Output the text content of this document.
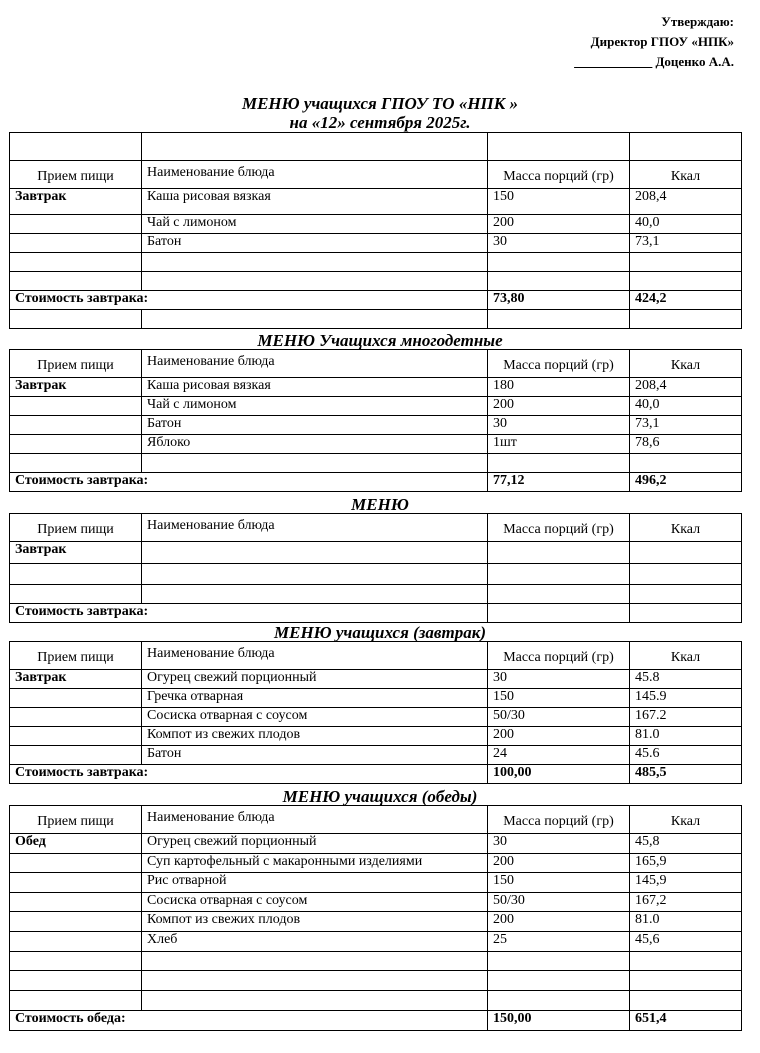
Утверждаю:
Директор ГПОУ «НПК»
____________ Доценко А.А.
МЕНЮ учащихся ГПОУ ТО «НПК »
на «12» сентября 2025г.

Прием пищи	Наименование блюда	Масса порций (гр)	Ккал
Завтрак	Каша рисовая вязкая	150	208,4
	Чай с лимоном	200	40,0
	Батон	30	73,1

Стоимость завтрака:		73,80	424,2

МЕНЮ Учащихся многодетные
Прием пищи	Наименование блюда	Масса порций (гр)	Ккал
Завтрак	Каша рисовая вязкая	180	208,4
	Чай с лимоном	200	40,0
	Батон	30	73,1
	Яблоко	1шт	78,6

Стоимость завтрака:		77,12	496,2
МЕНЮ
Прием пищи	Наименование блюда	Масса порций (гр)	Ккал
Завтрак			

Стоимость завтрака:			
МЕНЮ учащихся (завтрак)
Прием пищи	Наименование блюда	Масса порций (гр)	Ккал
Завтрак	Огурец свежий порционный	30	45.8
	Гречка отварная	150	145.9
	Сосиска отварная с соусом	50/30	167.2
	Компот из свежих плодов	200	81.0
	Батон	24	45.6
Стоимость завтрака:		100,00	485,5
МЕНЮ учащихся (обеды)
Прием пищи	Наименование блюда	Масса порций (гр)	Ккал
Обед	Огурец свежий порционный	30	45,8
	Суп картофельный с макаронными изделиями	200	165,9
	Рис отварной	150	145,9
	Сосиска отварная с соусом	50/30	167,2
	Компот из свежих плодов	200	81.0
	Хлеб	25	45,6

Стоимость обеда:		150,00	651,4
